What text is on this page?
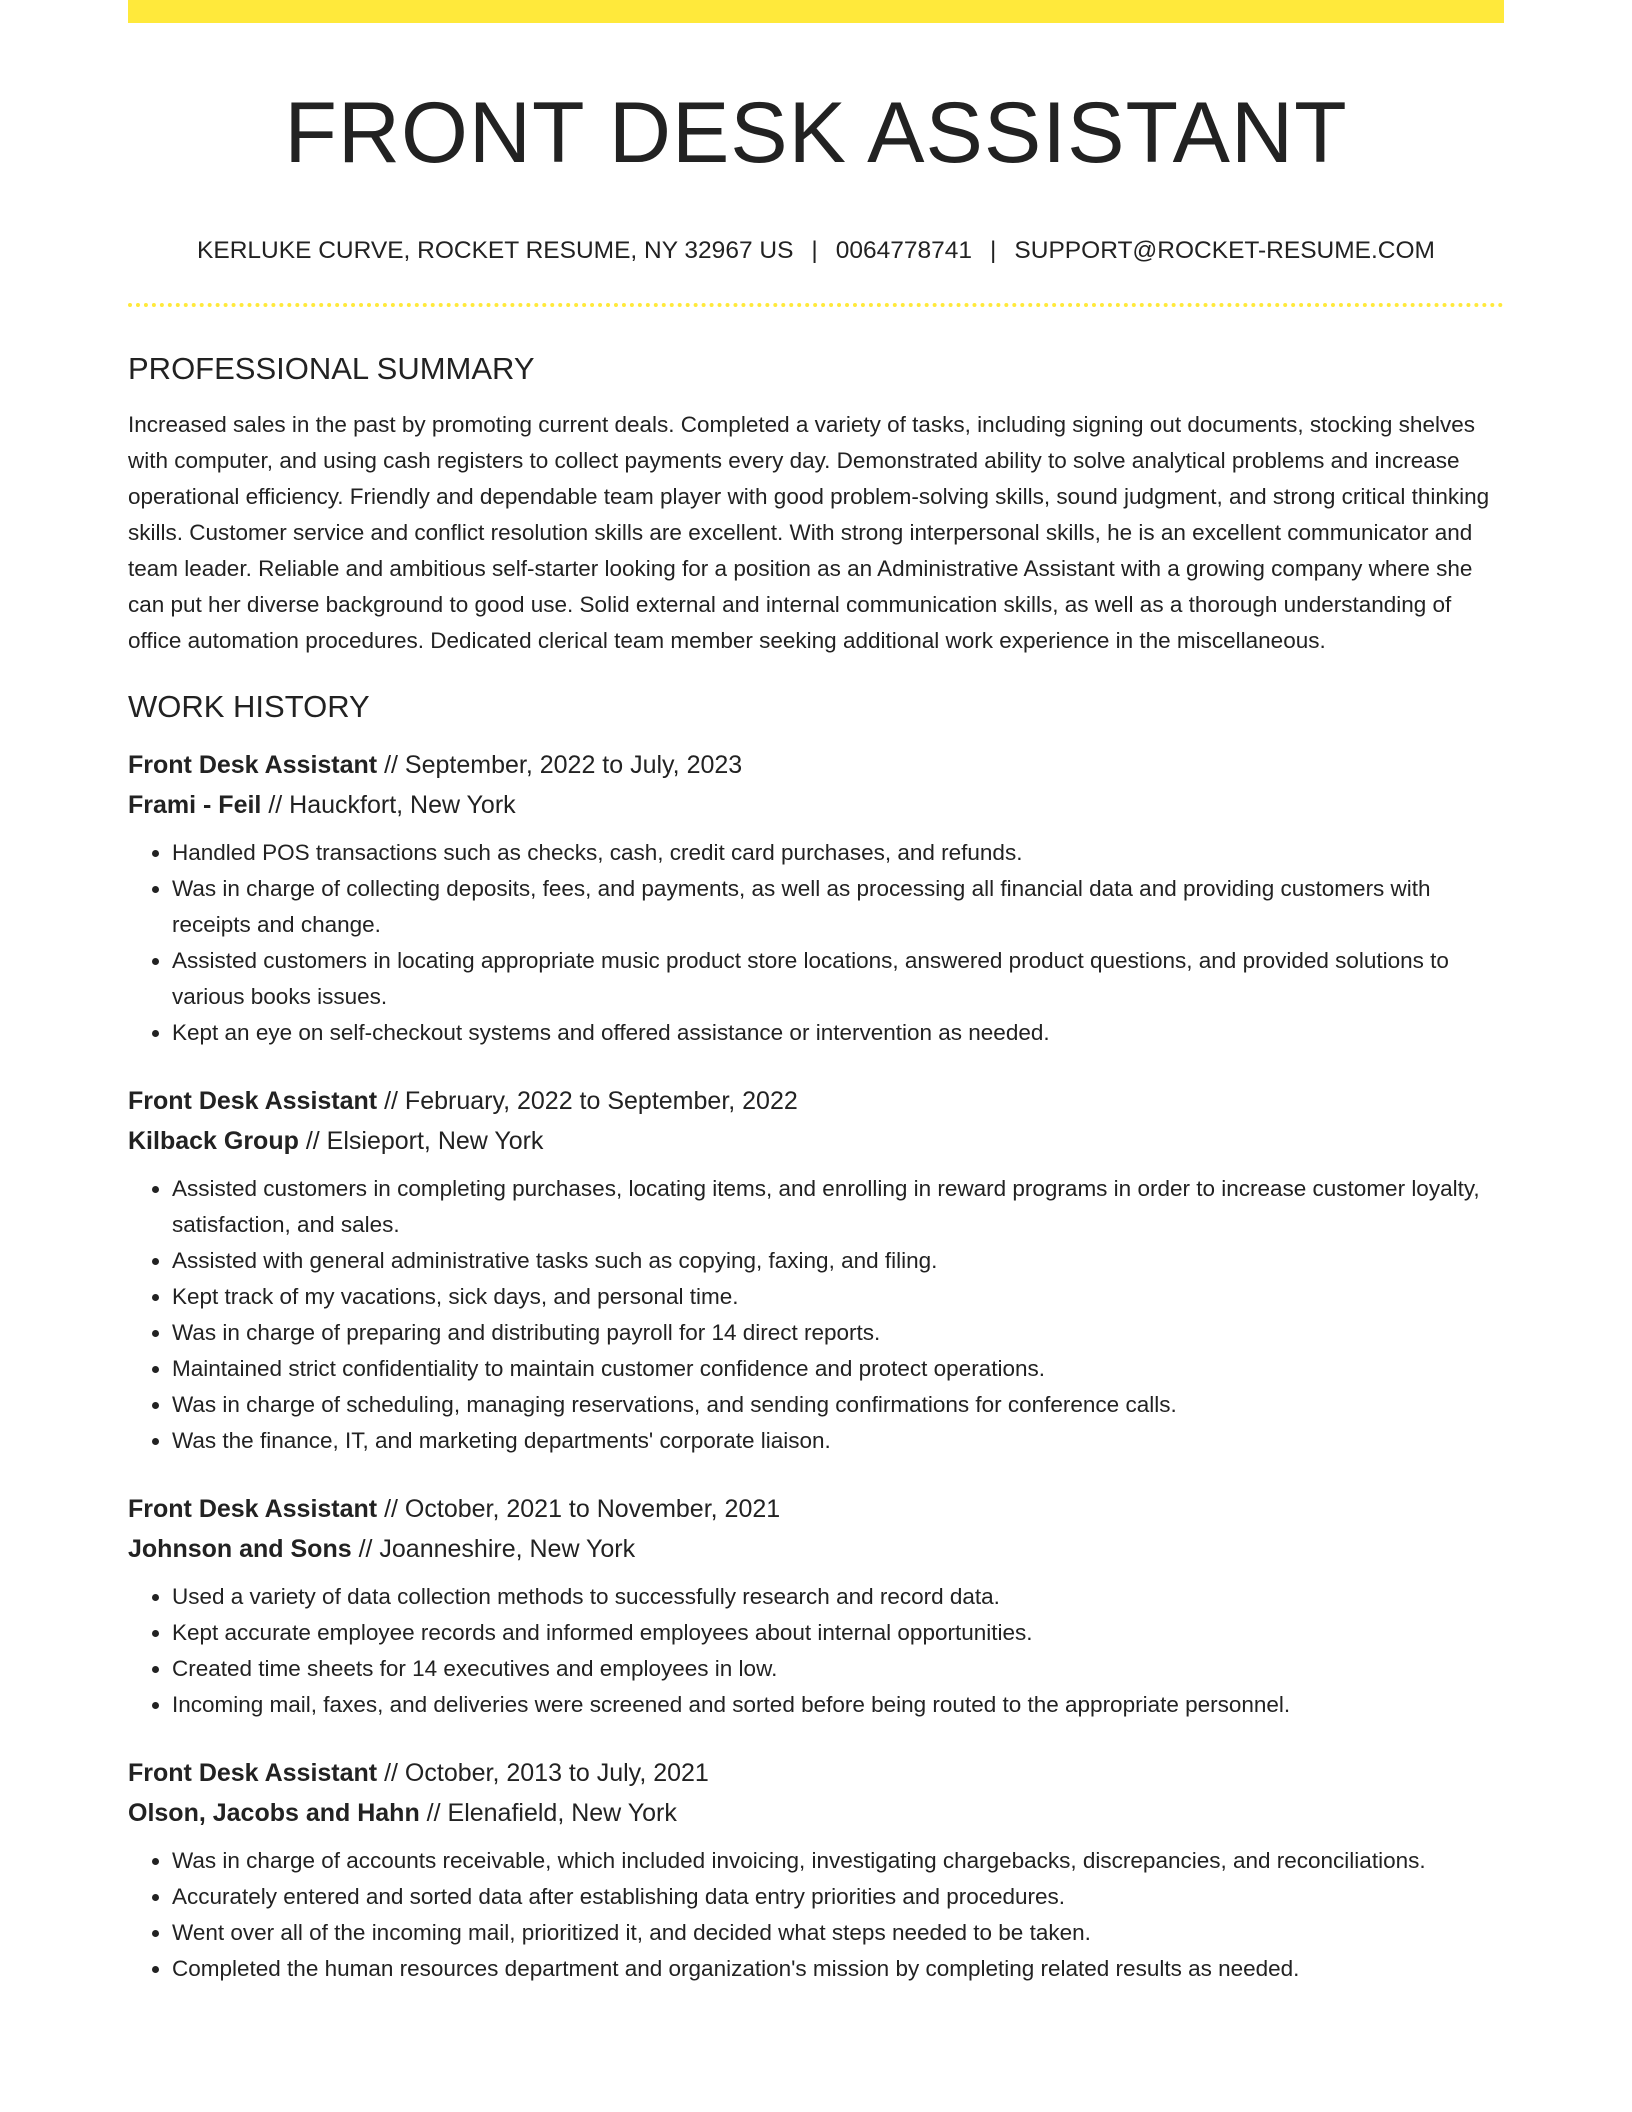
FRONT DESK ASSISTANT
KERLUKE CURVE, ROCKET RESUME, NY 32967 US | 0064778741 | SUPPORT@ROCKET-RESUME.COM
PROFESSIONAL SUMMARY

Increased sales in the past by promoting current deals. Completed a variety of tasks, including signing out documents, stocking shelves with computer, and using cash registers to collect payments every day. Demonstrated ability to solve analytical problems and increase operational efficiency. Friendly and dependable team player with good problem-solving skills, sound judgment, and strong critical thinking skills. Customer service and conflict resolution skills are excellent. With strong interpersonal skills, he is an excellent communicator and team leader. Reliable and ambitious self-starter looking for a position as an Administrative Assistant with a growing company where she can put her diverse background to good use. Solid external and internal communication skills, as well as a thorough understanding of office automation procedures. Dedicated clerical team member seeking additional work experience in the miscellaneous.

WORK HISTORY
Front Desk Assistant // September, 2022 to July, 2023
Frami - Feil // Hauckfort, New York
• Handled POS transactions such as checks, cash, credit card purchases, and refunds.
• Was in charge of collecting deposits, fees, and payments, as well as processing all financial data and providing customers with receipts and change.
• Assisted customers in locating appropriate music product store locations, answered product questions, and provided solutions to various books issues.
• Kept an eye on self-checkout systems and offered assistance or intervention as needed.
Front Desk Assistant // February, 2022 to September, 2022
Kilback Group // Elsieport, New York
• Assisted customers in completing purchases, locating items, and enrolling in reward programs in order to increase customer loyalty, satisfaction, and sales.
• Assisted with general administrative tasks such as copying, faxing, and filing.
• Kept track of my vacations, sick days, and personal time.
• Was in charge of preparing and distributing payroll for 14 direct reports.
• Maintained strict confidentiality to maintain customer confidence and protect operations.
• Was in charge of scheduling, managing reservations, and sending confirmations for conference calls.
• Was the finance, IT, and marketing departments' corporate liaison.
Front Desk Assistant // October, 2021 to November, 2021
Johnson and Sons // Joanneshire, New York
• Used a variety of data collection methods to successfully research and record data.
• Kept accurate employee records and informed employees about internal opportunities.
• Created time sheets for 14 executives and employees in low.
• Incoming mail, faxes, and deliveries were screened and sorted before being routed to the appropriate personnel.
Front Desk Assistant // October, 2013 to July, 2021
Olson, Jacobs and Hahn // Elenafield, New York
• Was in charge of accounts receivable, which included invoicing, investigating chargebacks, discrepancies, and reconciliations.
• Accurately entered and sorted data after establishing data entry priorities and procedures.
• Went over all of the incoming mail, prioritized it, and decided what steps needed to be taken.
• Completed the human resources department and organization's mission by completing related results as needed.
